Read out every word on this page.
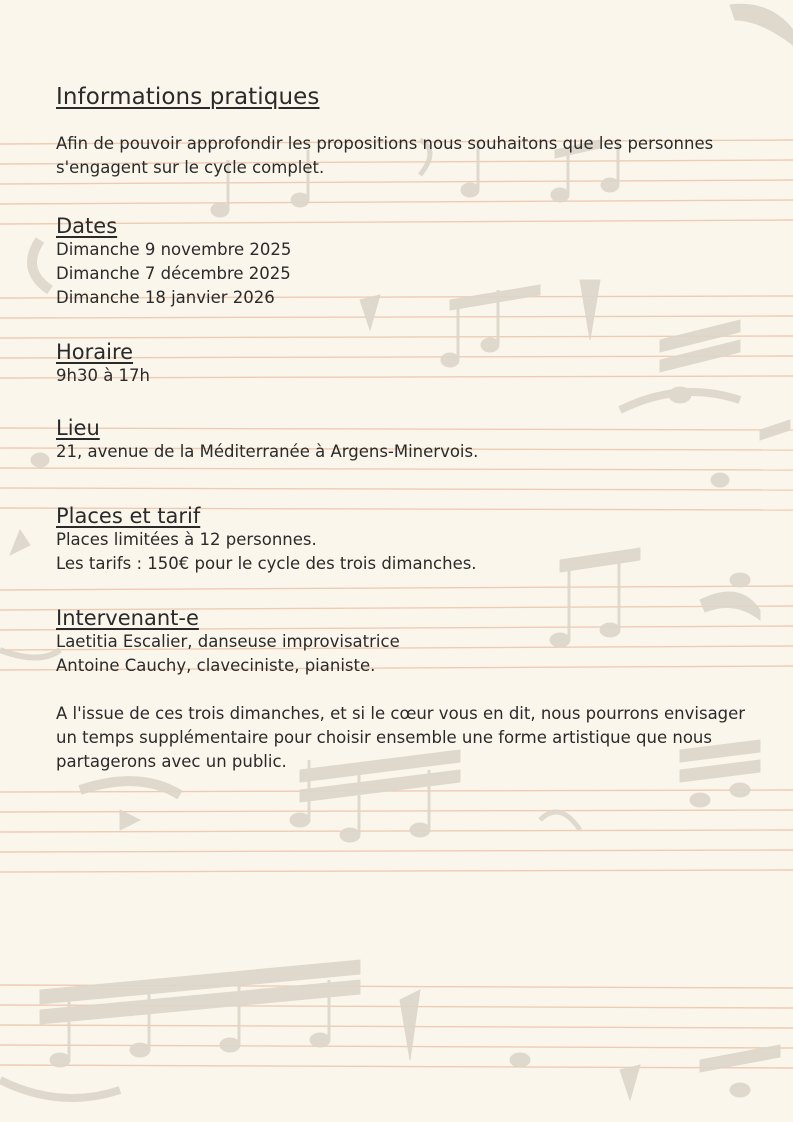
Informations pratiques

Afin de pouvoir approfondir les propositions nous souhaitons que les personnes s'engagent sur le cycle complet.

Dates
Dimanche 9 novembre 2025
Dimanche 7 décembre 2025
Dimanche 18 janvier 2026
Horaire
9h30 à 17h
Lieu
21, avenue de la Méditerranée à Argens-Minervois.
Places et tarif
Places limitées à 12 personnes.
Les tarifs : 150€ pour le cycle des trois dimanches.
Intervenant-e
Laetitia Escalier, danseuse improvisatrice
Antoine Cauchy, claveciniste, pianiste.

A l'issue de ces trois dimanches, et si le cœur vous en dit, nous pourrons envisager un temps supplémentaire pour choisir ensemble une forme artistique que nous partagerons avec un public.
